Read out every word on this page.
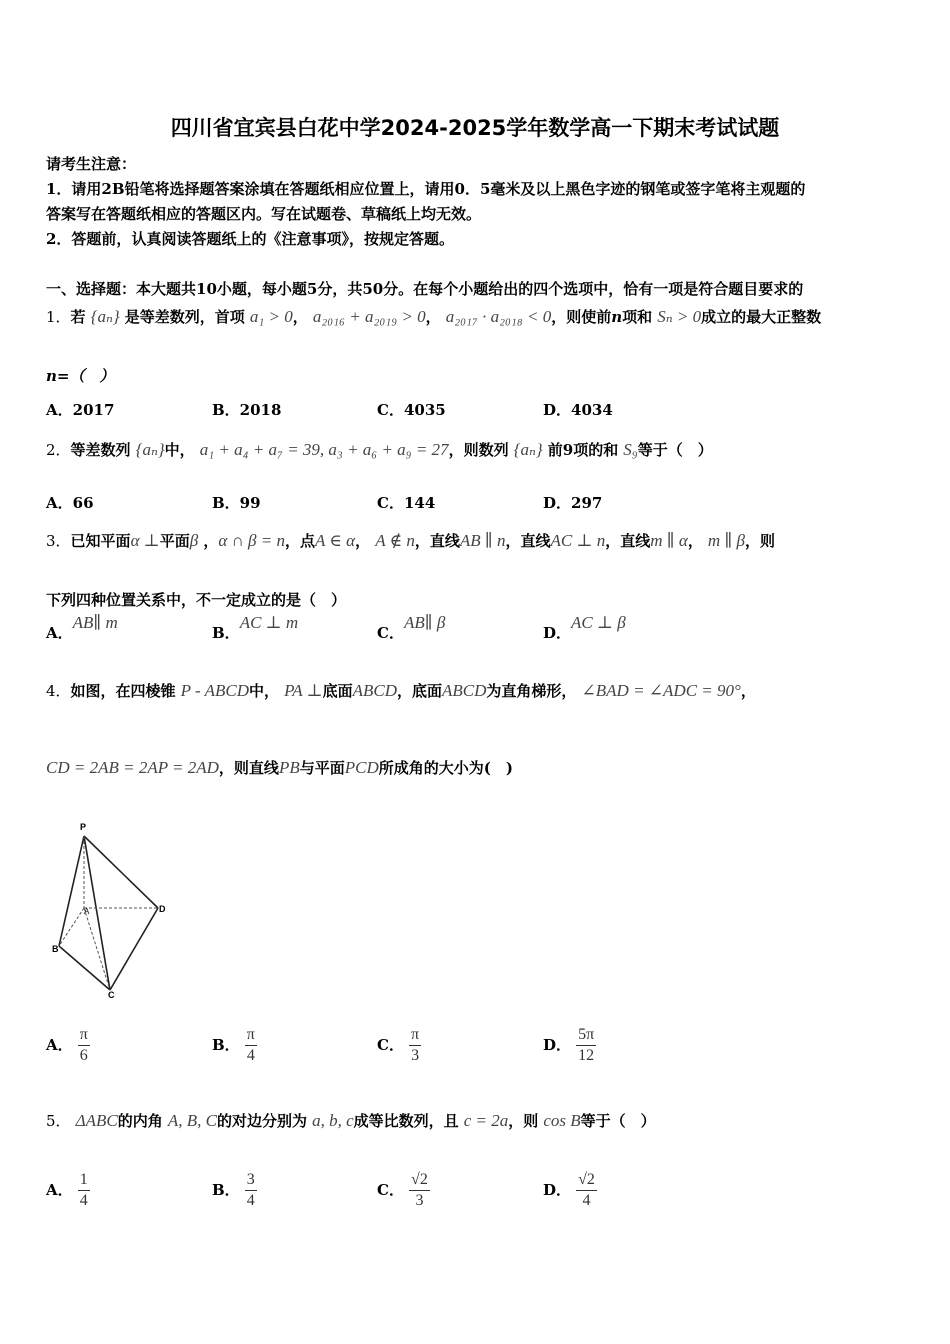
四川省宜宾县白花中学2024-2025学年数学高一下期末考试试题
请考生注意：
1．请用2B铅笔将选择题答案涂填在答题纸相应位置上，请用0．5毫米及以上黑色字迹的钢笔或签字笔将主观题的
答案写在答题纸相应的答题区内。写在试题卷、草稿纸上均无效。
2．答题前，认真阅读答题纸上的《注意事项》，按规定答题。
一、选择题：本大题共10小题，每小题5分，共50分。在每个小题给出的四个选项中，恰有一项是符合题目要求的
1．若 {aₙ} 是等差数列，首项 a₁ > 0， a₂₀₁₆ + a₂₀₁₉ > 0， a₂₀₁₇ · a₂₀₁₈ < 0，则使前n项和 Sₙ > 0成立的最大正整数
n=（　）
A．2017	B．2018	C．4035	D．4034
2．等差数列 {aₙ}中， a₁ + a₄ + a₇ = 39, a₃ + a₆ + a₉ = 27，则数列 {aₙ} 前9项的和 S₉等于（　）
A．66	B．99	C．144	D．297
3．已知平面α ⊥平面β ，α ∩ β = n，点A ∈ α， A ∉ n，直线AB ∥ n，直线AC ⊥ n，直线m ∥ α， m ∥ β，则
下列四种位置关系中，不一定成立的是（　）
A．AB∥ m
B．AC ⊥ m
C．AB∥ β
D．AC ⊥ β
4．如图，在四棱锥 P - ABCD中， PA ⊥底面ABCD，底面ABCD为直角梯形， ∠BAD = ∠ADC = 90°，
CD = 2AB = 2AP = 2AD，则直线PB与平面PCD所成角的大小为(　)
P
A
B
C
D
A． $\frac{\pi}{6}$	B． $\frac{\pi}{4}$	C． $\frac{\pi}{3}$	D． $\frac{5\pi}{12}$
5． ΔABC的内角 A, B, C的对边分别为 a, b, c成等比数列，且 c = 2a，则 cos B等于（　）
A． $\frac{1}{4}$	B． $\frac{3}{4}$	C． $\frac{√2}{3}$	D． $\frac{√2}{4}$
